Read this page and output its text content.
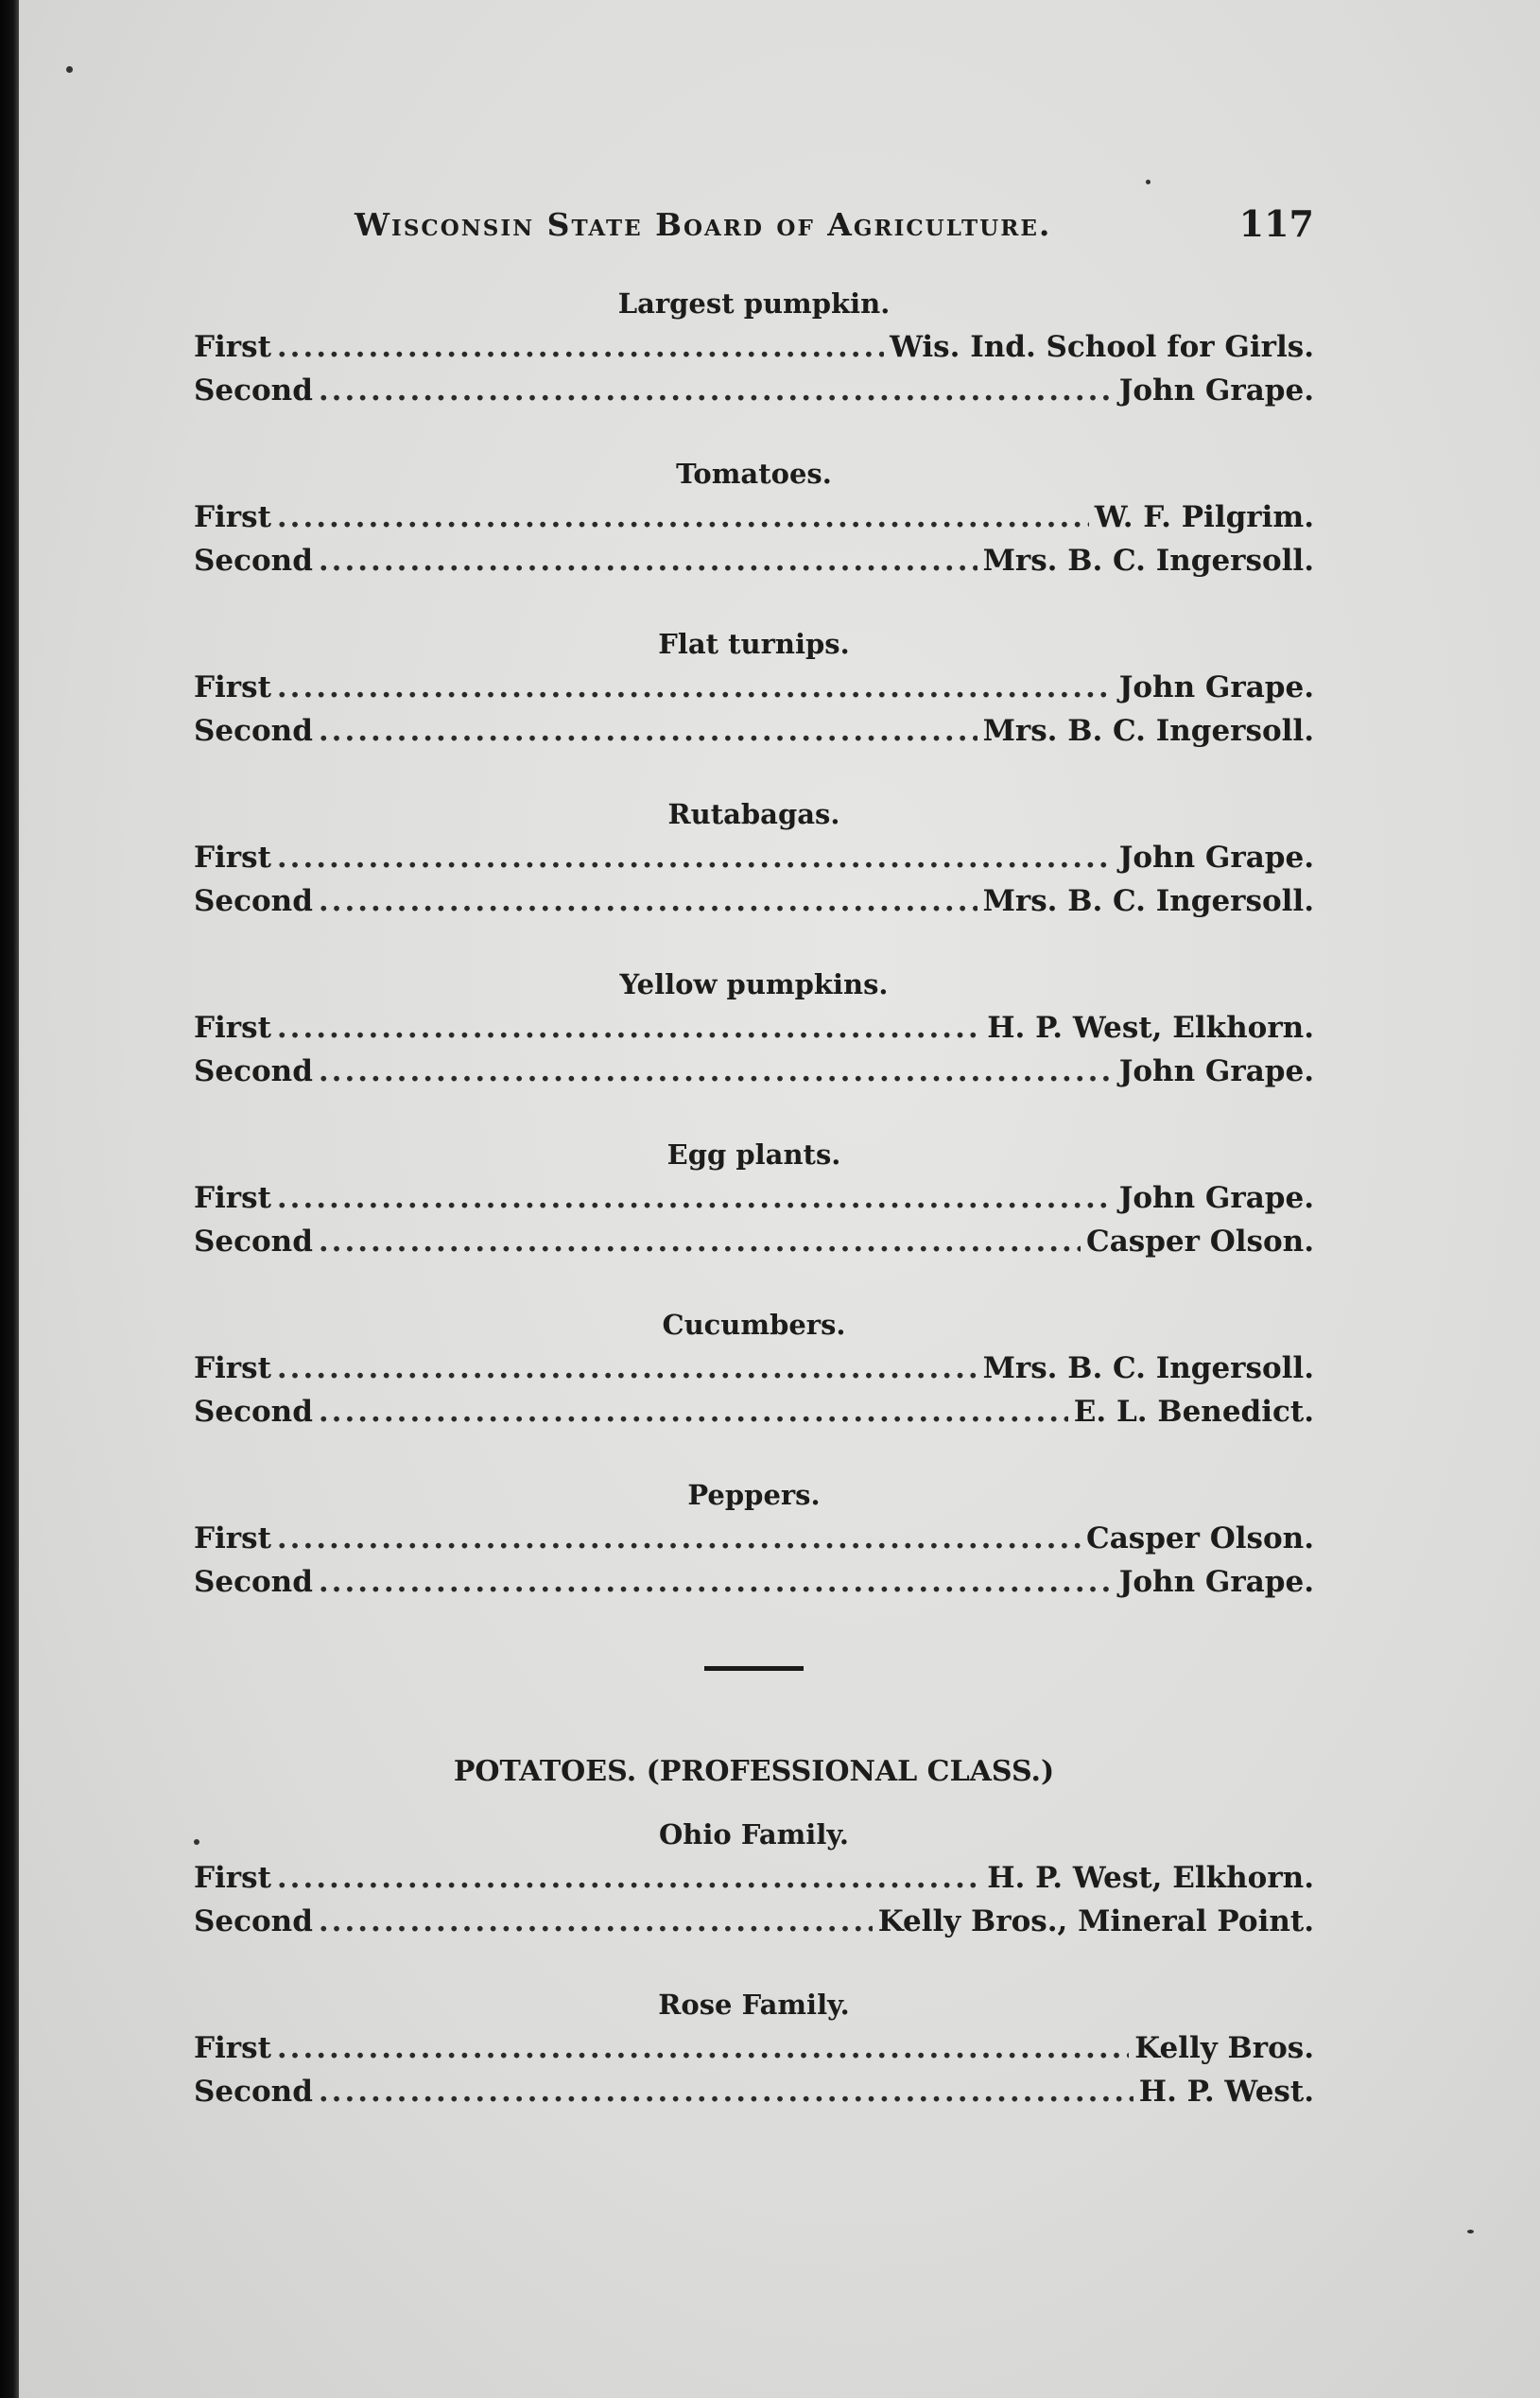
Wisconsin State Board of Agriculture.	117
Largest pumpkin.
First .....	Wis. Ind. School for Girls.
Second .....	John Grape.
Tomatoes.
First .....	W. F. Pilgrim.
Second .....	Mrs. B. C. Ingersoll.
Flat turnips.
First .....	John Grape.
Second .....	Mrs. B. C. Ingersoll.
Rutabagas.
First .....	John Grape.
Second .....	Mrs. B. C. Ingersoll.
Yellow pumpkins.
First .....	H. P. West, Elkhorn.
Second .....	John Grape.
Egg plants.
First .....	John Grape.
Second .....	Casper Olson.
Cucumbers.
First .....	Mrs. B. C. Ingersoll.
Second .....	E. L. Benedict.
Peppers.
First .....	Casper Olson.
Second .....	John Grape.
POTATOES. (PROFESSIONAL CLASS.)
Ohio Family.
First .....	H. P. West, Elkhorn.
Second .....	Kelly Bros., Mineral Point.
Rose Family.
First .....	Kelly Bros.
Second .....	H. P. West.
